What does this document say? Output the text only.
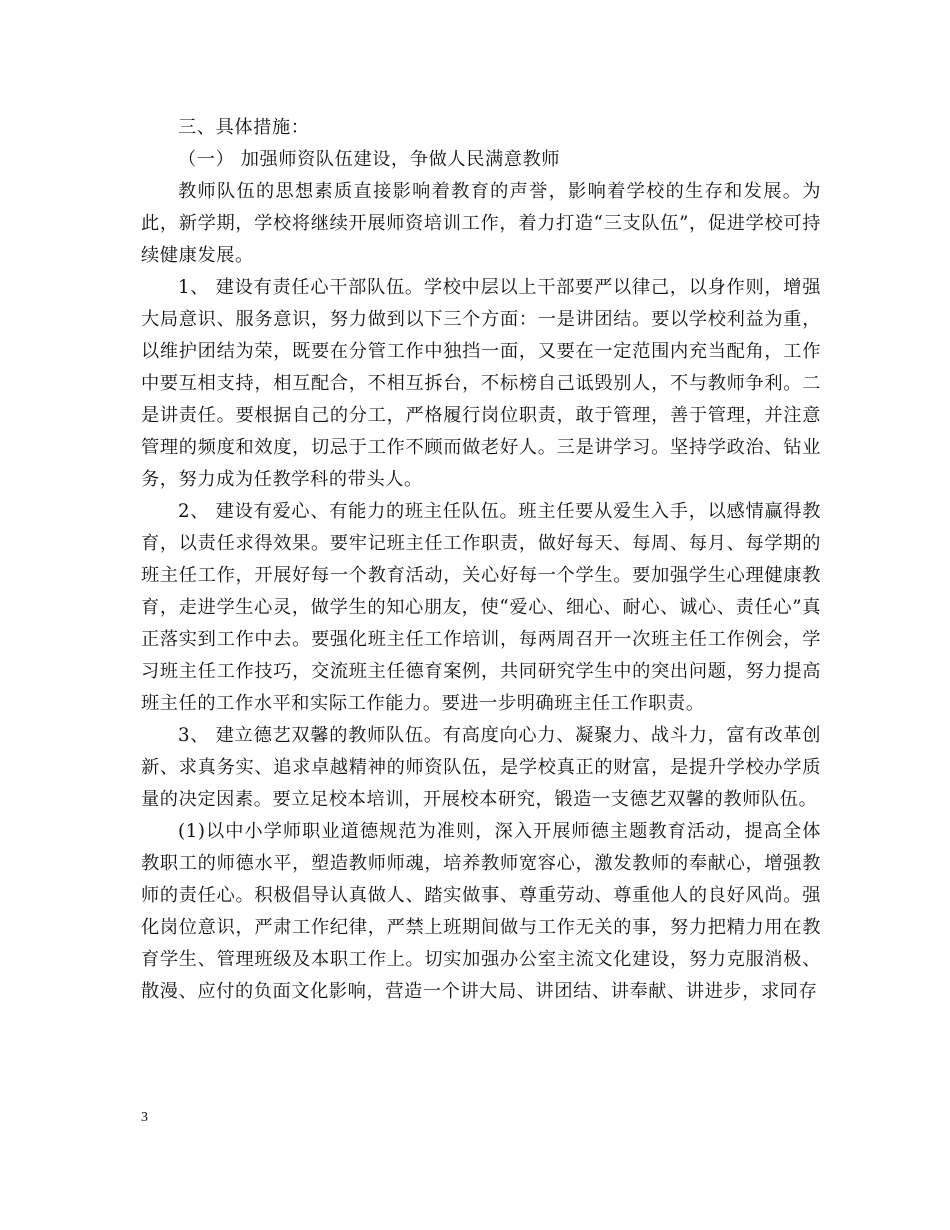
三、具体措施：

（一） 加强师资队伍建设，争做人民满意教师

教师队伍的思想素质直接影响着教育的声誉，影响着学校的生存和发展。为此，新学期，学校将继续开展师资培训工作，着力打造“三支队伍”，促进学校可持续健康发展。

1、 建设有责任心干部队伍。学校中层以上干部要严以律己，以身作则，增强大局意识、服务意识，努力做到以下三个方面：一是讲团结。要以学校利益为重，以维护团结为荣，既要在分管工作中独挡一面，又要在一定范围内充当配角，工作中要互相支持，相互配合，不相互拆台，不标榜自己诋毁别人，不与教师争利。二是讲责任。要根据自己的分工，严格履行岗位职责，敢于管理，善于管理，并注意管理的频度和效度，切忌于工作不顾而做老好人。三是讲学习。坚持学政治、钻业务，努力成为任教学科的带头人。

2、 建设有爱心、有能力的班主任队伍。班主任要从爱生入手，以感情赢得教育，以责任求得效果。要牢记班主任工作职责，做好每天、每周、每月、每学期的班主任工作，开展好每一个教育活动，关心好每一个学生。要加强学生心理健康教育，走进学生心灵，做学生的知心朋友，使“爱心、细心、耐心、诚心、责任心”真正落实到工作中去。要强化班主任工作培训，每两周召开一次班主任工作例会，学习班主任工作技巧，交流班主任德育案例，共同研究学生中的突出问题，努力提高班主任的工作水平和实际工作能力。要进一步明确班主任工作职责。

3、 建立德艺双馨的教师队伍。有高度向心力、凝聚力、战斗力，富有改革创新、求真务实、追求卓越精神的师资队伍，是学校真正的财富，是提升学校办学质量的决定因素。要立足校本培训，开展校本研究，锻造一支德艺双馨的教师队伍。

(1)以中小学师职业道德规范为准则，深入开展师德主题教育活动，提高全体教职工的师德水平，塑造教师师魂，培养教师宽容心，激发教师的奉献心，增强教师的责任心。积极倡导认真做人、踏实做事、尊重劳动、尊重他人的良好风尚。强化岗位意识，严肃工作纪律，严禁上班期间做与工作无关的事，努力把精力用在教育学生、管理班级及本职工作上。切实加强办公室主流文化建设，努力克服消极、散漫、应付的负面文化影响，营造一个讲大局、讲团结、讲奉献、讲进步，求同存

3
